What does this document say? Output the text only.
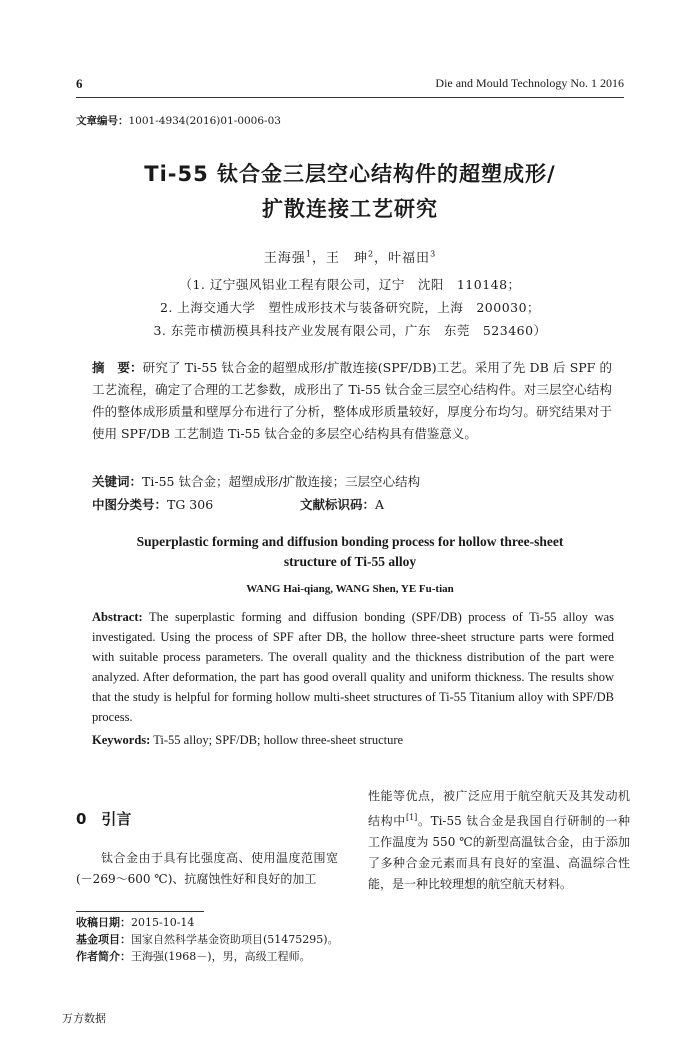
6	Die and Mould Technology No. 1 2016
文章编号：1001-4934(2016)01-0006-03
Ti-55 钛合金三层空心结构件的超塑成形/
扩散连接工艺研究
王海强$^1$，王　珅$^2$，叶福田$^3$
（1. 辽宁强风铝业工程有限公司，辽宁　沈阳　110148；
2. 上海交通大学　塑性成形技术与装备研究院，上海　200030；
3. 东莞市横沥模具科技产业发展有限公司，广东　东莞　523460）
摘　要：研究了 Ti-55 钛合金的超塑成形/扩散连接(SPF/DB)工艺。采用了先 DB 后 SPF 的工艺流程，确定了合理的工艺参数，成形出了 Ti-55 钛合金三层空心结构件。对三层空心结构件的整体成形质量和壁厚分布进行了分析，整体成形质量较好，厚度分布均匀。研究结果对于使用 SPF/DB 工艺制造 Ti-55 钛合金的多层空心结构具有借鉴意义。
关键词：Ti-55 钛合金；超塑成形/扩散连接；三层空心结构
中图分类号：TG 306	文献标识码：A
Superplastic forming and diffusion bonding process for hollow three-sheet
structure of Ti-55 alloy
WANG Hai-qiang, WANG Shen, YE Fu-tian
Abstract: The superplastic forming and diffusion bonding (SPF/DB) process of Ti-55 alloy was investigated. Using the process of SPF after DB, the hollow three-sheet structure parts were formed with suitable process parameters. The overall quality and the thickness distribution of the part were analyzed. After deformation, the part has good overall quality and uniform thickness. The results show that the study is helpful for forming hollow multi-sheet structures of Ti-55 Titanium alloy with SPF/DB process.
Keywords: Ti-55 alloy; SPF/DB; hollow three-sheet structure
0　引言
　　钛合金由于具有比强度高、使用温度范围宽(－269～600 ℃)、抗腐蚀性好和良好的加工
性能等优点，被广泛应用于航空航天及其发动机结构中[1]。Ti-55 钛合金是我国自行研制的一种工作温度为 550 ℃的新型高温钛合金，由于添加了多种合金元素而具有良好的室温、高温综合性能，是一种比较理想的航空航天材料。
收稿日期：2015-10-14
基金项目：国家自然科学基金资助项目(51475295)。
作者简介：王海强(1968－)，男，高级工程师。
万方数据
